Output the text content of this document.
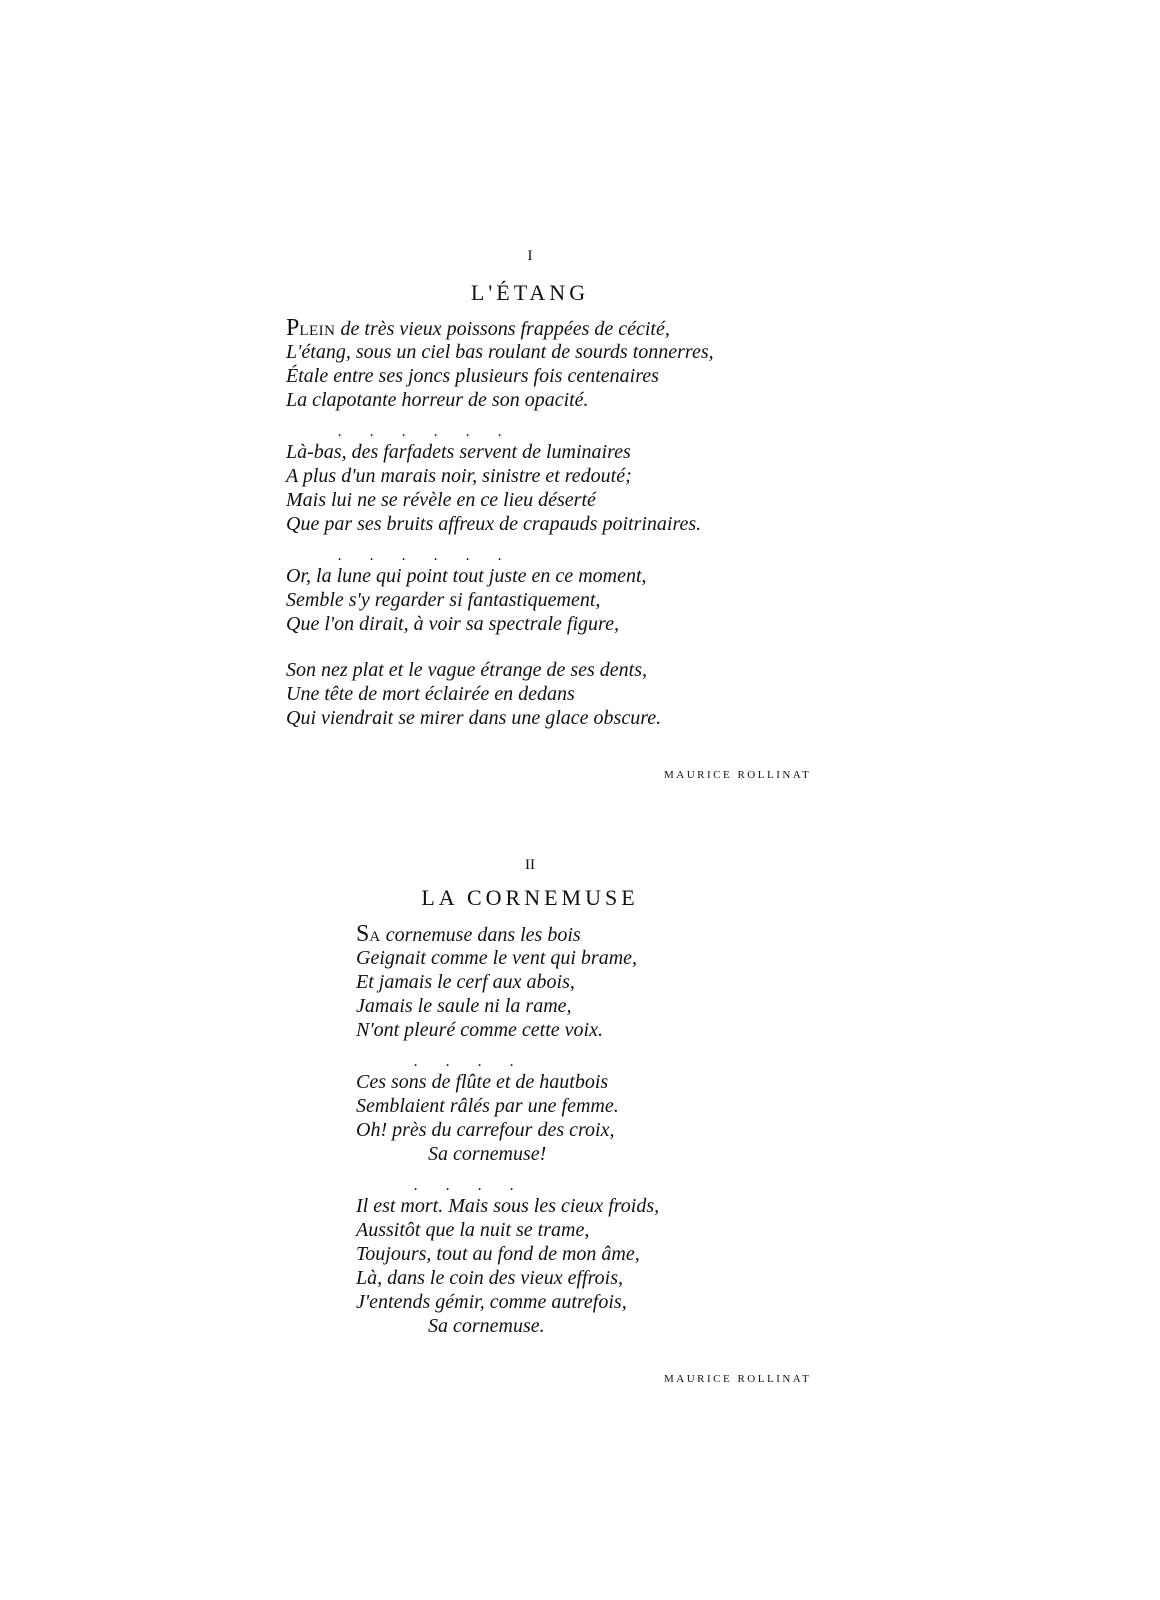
I
L'ÉTANG
PLEIN de très vieux poissons frappées de cécité,
L'étang, sous un ciel bas roulant de sourds tonnerres,
Étale entre ses joncs plusieurs fois centenaires
La clapotante horreur de son opacité.
.       .       .       .       .       .
Là-bas, des farfadets servent de luminaires
A plus d'un marais noir, sinistre et redouté;
Mais lui ne se révèle en ce lieu déserté
Que par ses bruits affreux de crapauds poitrinaires.
.       .       .       .       .       .
Or, la lune qui point tout juste en ce moment,
Semble s'y regarder si fantastiquement,
Que l'on dirait, à voir sa spectrale figure,
Son nez plat et le vague étrange de ses dents,
Une tête de mort éclairée en dedans
Qui viendrait se mirer dans une glace obscure.
MAURICE ROLLINAT
II
LA CORNEMUSE
SA cornemuse dans les bois
Geignait comme le vent qui brame,
Et jamais le cerf aux abois,
Jamais le saule ni la rame,
N'ont pleuré comme cette voix.
.       .       .       .
Ces sons de flûte et de hautbois
Semblaient râlés par une femme.
Oh! près du carrefour des croix,
Sa cornemuse!
.       .       .       .
Il est mort. Mais sous les cieux froids,
Aussitôt que la nuit se trame,
Toujours, tout au fond de mon âme,
Là, dans le coin des vieux effrois,
J'entends gémir, comme autrefois,
Sa cornemuse.
MAURICE ROLLINAT
